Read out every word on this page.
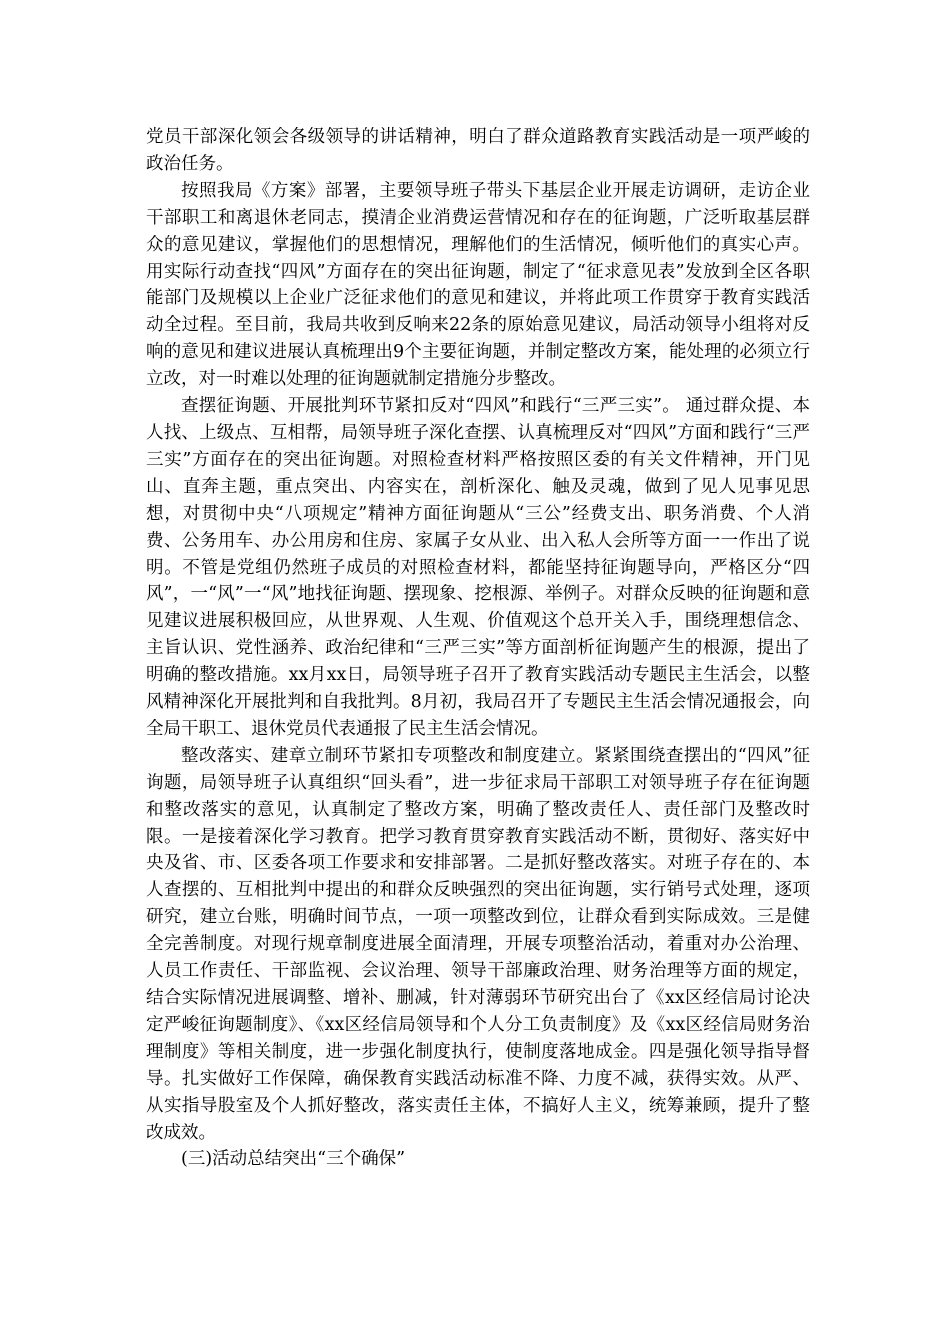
党员干部深化领会各级领导的讲话精神，明白了群众道路教育实践活动是一项严峻的政治任务。

按照我局《方案》部署，主要领导班子带头下基层企业开展走访调研，走访企业干部职工和离退休老同志，摸清企业消费运营情况和存在的征询题，广泛听取基层群众的意见建议，掌握他们的思想情况，理解他们的生活情况，倾听他们的真实心声。用实际行动查找“四风”方面存在的突出征询题，制定了“征求意见表”发放到全区各职能部门及规模以上企业广泛征求他们的意见和建议，并将此项工作贯穿于教育实践活动全过程。至目前，我局共收到反响来22条的原始意见建议，局活动领导小组将对反响的意见和建议进展认真梳理出9个主要征询题，并制定整改方案，能处理的必须立行立改，对一时难以处理的征询题就制定措施分步整改。

查摆征询题、开展批判环节紧扣反对“四风”和践行“三严三实”。 通过群众提、本人找、上级点、互相帮，局领导班子深化查摆、认真梳理反对“四风”方面和践行“三严三实”方面存在的突出征询题。对照检查材料严格按照区委的有关文件精神，开门见山、直奔主题，重点突出、内容实在，剖析深化、触及灵魂，做到了见人见事见思想，对贯彻中央“八项规定”精神方面征询题从“三公”经费支出、职务消费、个人消费、公务用车、办公用房和住房、家属子女从业、出入私人会所等方面一一作出了说明。不管是党组仍然班子成员的对照检查材料，都能坚持征询题导向，严格区分“四风”，一“风”一“风”地找征询题、摆现象、挖根源、举例子。对群众反映的征询题和意见建议进展积极回应，从世界观、人生观、价值观这个总开关入手，围绕理想信念、主旨认识、党性涵养、政治纪律和“三严三实”等方面剖析征询题产生的根源，提出了明确的整改措施。xx月xx日，局领导班子召开了教育实践活动专题民主生活会，以整风精神深化开展批判和自我批判。8月初，我局召开了专题民主生活会情况通报会，向全局干职工、退休党员代表通报了民主生活会情况。

整改落实、建章立制环节紧扣专项整改和制度建立。紧紧围绕查摆出的“四风”征询题，局领导班子认真组织“回头看”，进一步征求局干部职工对领导班子存在征询题和整改落实的意见，认真制定了整改方案，明确了整改责任人、责任部门及整改时限。一是接着深化学习教育。把学习教育贯穿教育实践活动不断，贯彻好、落实好中央及省、市、区委各项工作要求和安排部署。二是抓好整改落实。对班子存在的、本人查摆的、互相批判中提出的和群众反映强烈的突出征询题，实行销号式处理，逐项研究，建立台账，明确时间节点，一项一项整改到位，让群众看到实际成效。三是健全完善制度。对现行规章制度进展全面清理，开展专项整治活动，着重对办公治理、人员工作责任、干部监视、会议治理、领导干部廉政治理、财务治理等方面的规定，结合实际情况进展调整、增补、删减，针对薄弱环节研究出台了《xx区经信局讨论决定严峻征询题制度》、《xx区经信局领导和个人分工负责制度》及《xx区经信局财务治理制度》等相关制度，进一步强化制度执行，使制度落地成金。四是强化领导指导督导。扎实做好工作保障，确保教育实践活动标准不降、力度不减，获得实效。从严、从实指导股室及个人抓好整改，落实责任主体，不搞好人主义，统筹兼顾，提升了整改成效。

(三)活动总结突出“三个确保”
